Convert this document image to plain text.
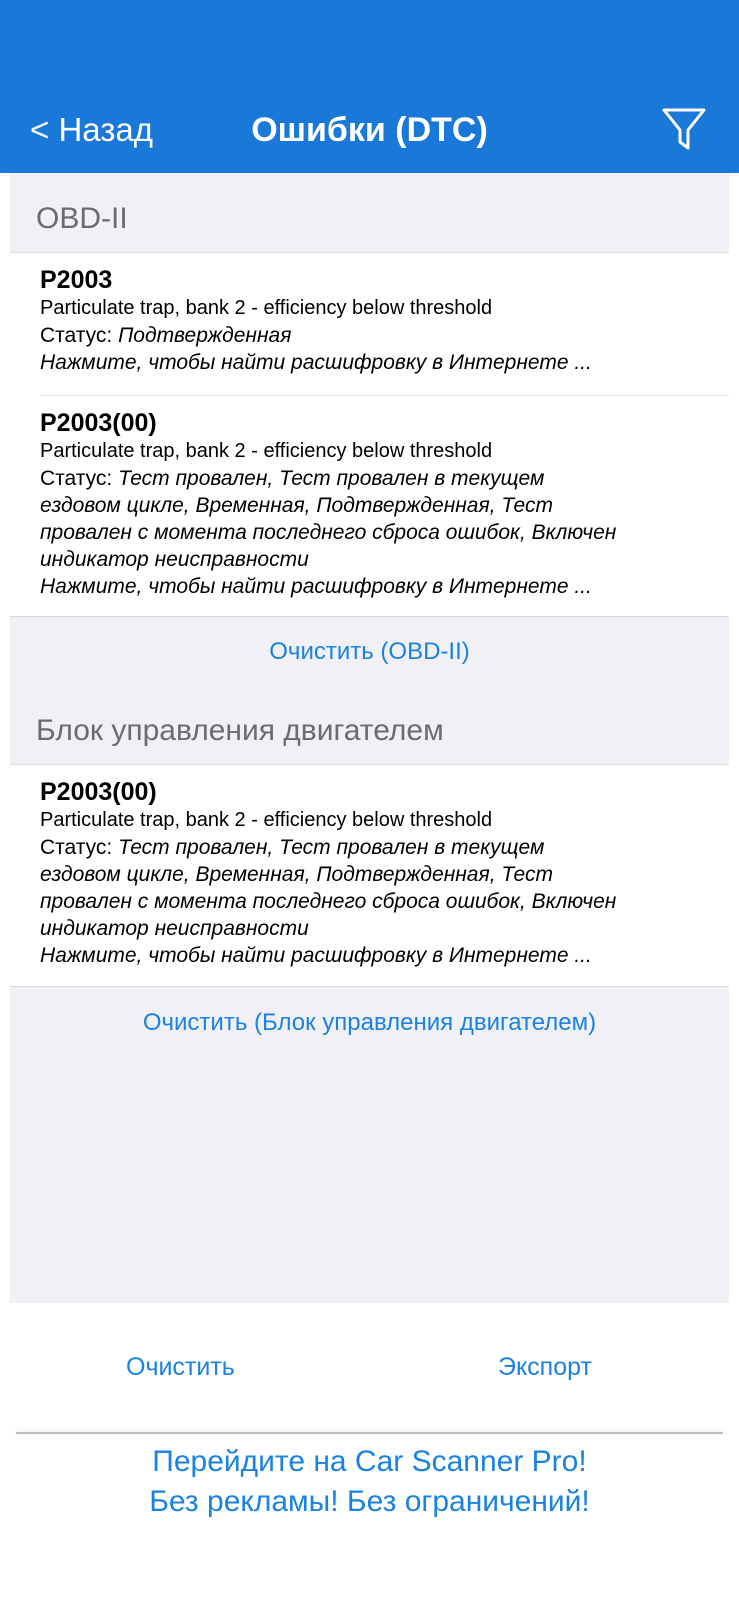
< Назад	Ошибки (DTC)
OBD-II
P2003
Particulate trap, bank 2 - efficiency below threshold
Статус: Подтвержденная
Нажмите, чтобы найти расшифровку в Интернете ...
P2003(00)
Particulate trap, bank 2 - efficiency below threshold
Статус: Тест провален, Тест провален в текущем ездовом цикле, Временная, Подтвержденная, Тест провален с момента последнего сброса ошибок, Включен индикатор неисправности
Нажмите, чтобы найти расшифровку в Интернете ...
Очистить (OBD-II)
Блок управления двигателем
P2003(00)
Particulate trap, bank 2 - efficiency below threshold
Статус: Тест провален, Тест провален в текущем ездовом цикле, Временная, Подтвержденная, Тест провален с момента последнего сброса ошибок, Включен индикатор неисправности
Нажмите, чтобы найти расшифровку в Интернете ...
Очистить (Блок управления двигателем)
Очистить	Экспорт
Перейдите на Car Scanner Pro!
Без рекламы! Без ограничений!
